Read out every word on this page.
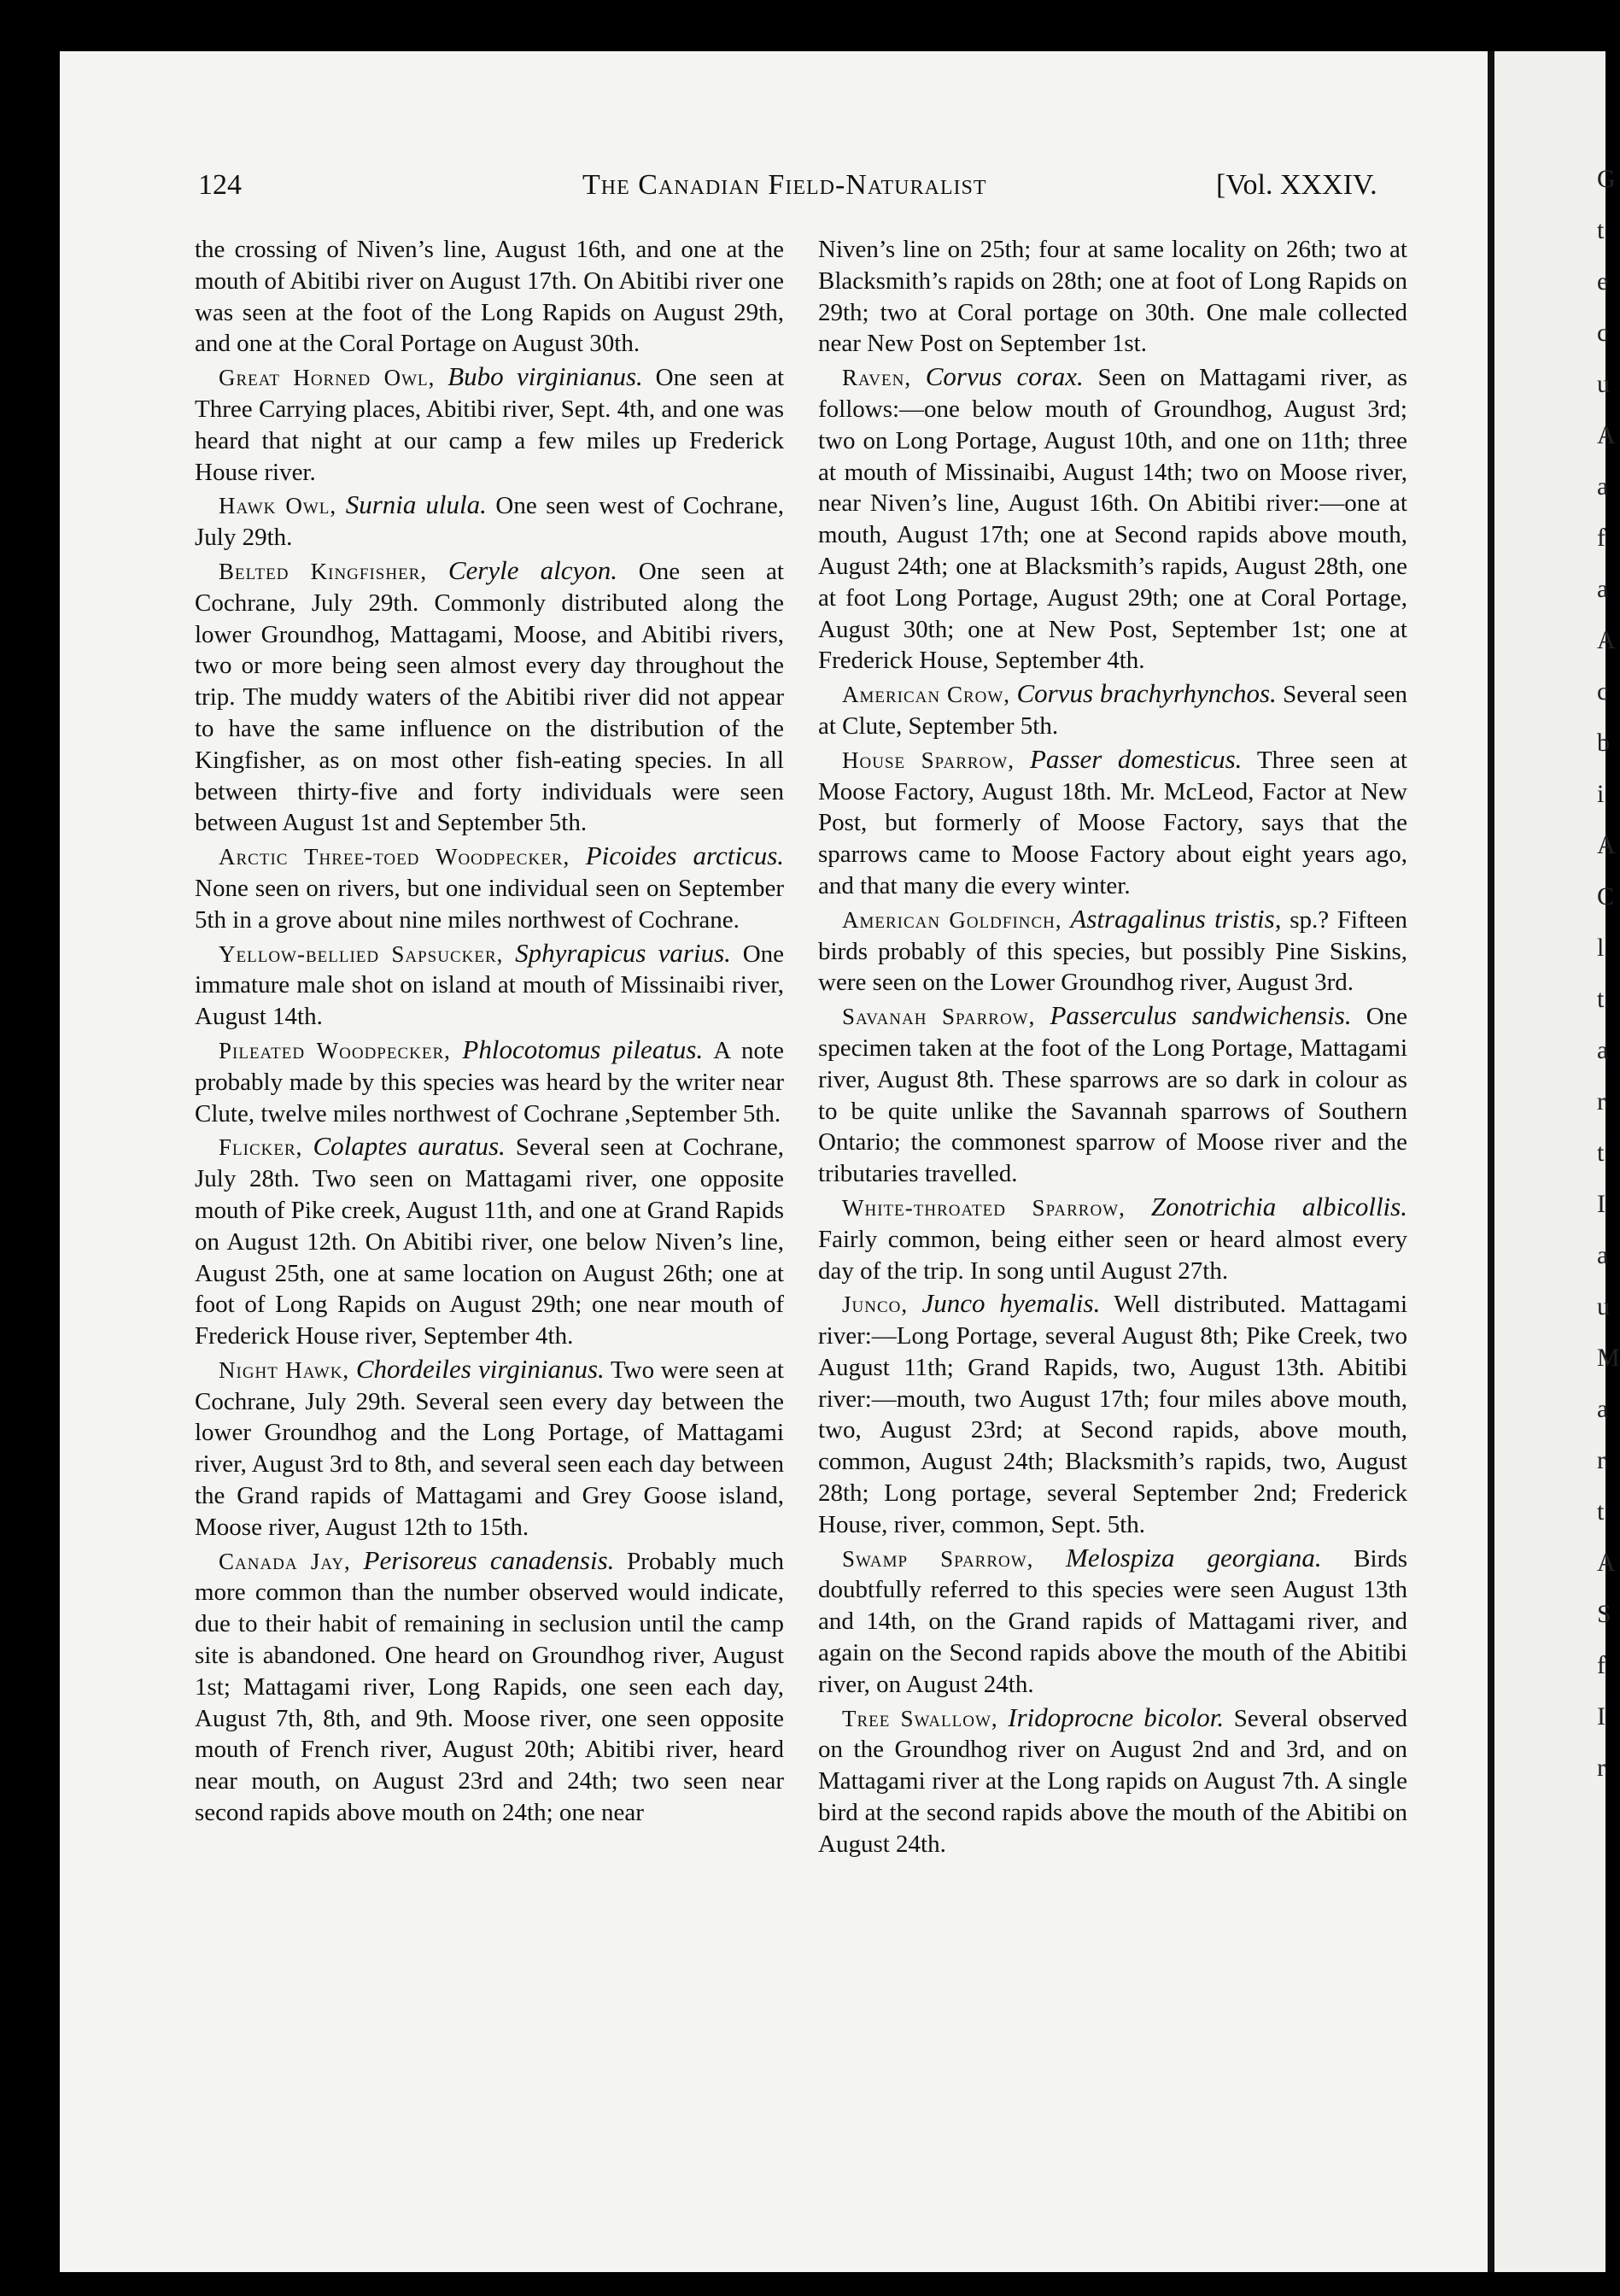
124	The Canadian Field-Naturalist	[Vol. XXXIV.

the crossing of Niven’s line, August 16th, and one at the mouth of Abitibi river on August 17th. On Abitibi river one was seen at the foot of the Long Rapids on August 29th, and one at the Coral Portage on August 30th.

Great Horned Owl, Bubo virginianus. One seen at Three Carrying places, Abitibi river, Sept. 4th, and one was heard that night at our camp a few miles up Frederick House river.

Hawk Owl, Surnia ulula. One seen west of Cochrane, July 29th.

Belted Kingfisher, Ceryle alcyon. One seen at Cochrane, July 29th. Commonly distributed along the lower Groundhog, Mattagami, Moose, and Abitibi rivers, two or more being seen almost every day throughout the trip. The muddy waters of the Abitibi river did not appear to have the same influence on the distribution of the Kingfisher, as on most other fish-eating species. In all between thirty-five and forty individuals were seen between August 1st and September 5th.

Arctic Three-toed Woodpecker, Picoides arcticus. None seen on rivers, but one individual seen on September 5th in a grove about nine miles northwest of Cochrane.

Yellow-bellied Sapsucker, Sphyrapicus varius. One immature male shot on island at mouth of Missinaibi river, August 14th.

Pileated Woodpecker, Phlocotomus pileatus. A note probably made by this species was heard by the writer near Clute, twelve miles northwest of Cochrane ,September 5th.

Flicker, Colaptes auratus. Several seen at Cochrane, July 28th. Two seen on Mattagami river, one opposite mouth of Pike creek, August 11th, and one at Grand Rapids on August 12th. On Abitibi river, one below Niven’s line, August 25th, one at same location on August 26th; one at foot of Long Rapids on August 29th; one near mouth of Frederick House river, September 4th.

Night Hawk, Chordeiles virginianus. Two were seen at Cochrane, July 29th. Several seen every day between the lower Groundhog and the Long Portage, of Mattagami river, August 3rd to 8th, and several seen each day between the Grand rapids of Mattagami and Grey Goose island, Moose river, August 12th to 15th.

Canada Jay, Perisoreus canadensis. Probably much more common than the number observed would indicate, due to their habit of remaining in seclusion until the camp site is abandoned. One heard on Groundhog river, August 1st; Mattagami river, Long Rapids, one seen each day, August 7th, 8th, and 9th. Moose river, one seen opposite mouth of French river, August 20th; Abitibi river, heard near mouth, on August 23rd and 24th; two seen near second rapids above mouth on 24th; one near

Niven’s line on 25th; four at same locality on 26th; two at Blacksmith’s rapids on 28th; one at foot of Long Rapids on 29th; two at Coral portage on 30th. One male collected near New Post on September 1st.

Raven, Corvus corax. Seen on Mattagami river, as follows:—one below mouth of Groundhog, August 3rd; two on Long Portage, August 10th, and one on 11th; three at mouth of Missinaibi, August 14th; two on Moose river, near Niven’s line, August 16th. On Abitibi river:—one at mouth, August 17th; one at Second rapids above mouth, August 24th; one at Blacksmith’s rapids, August 28th, one at foot Long Portage, August 29th; one at Coral Portage, August 30th; one at New Post, September 1st; one at Frederick House, September 4th.

American Crow, Corvus brachyrhynchos. Several seen at Clute, September 5th.

House Sparrow, Passer domesticus. Three seen at Moose Factory, August 18th. Mr. McLeod, Factor at New Post, but formerly of Moose Factory, says that the sparrows came to Moose Factory about eight years ago, and that many die every winter.

American Goldfinch, Astragalinus tristis, sp.? Fifteen birds probably of this species, but possibly Pine Siskins, were seen on the Lower Groundhog river, August 3rd.

Savanah Sparrow, Passerculus sandwichensis. One specimen taken at the foot of the Long Portage, Mattagami river, August 8th. These sparrows are so dark in colour as to be quite unlike the Savannah sparrows of Southern Ontario; the commonest sparrow of Moose river and the tributaries travelled.

White-throated Sparrow, Zonotrichia albicollis. Fairly common, being either seen or heard almost every day of the trip. In song until August 27th.

Junco, Junco hyemalis. Well distributed. Mattagami river:—Long Portage, several August 8th; Pike Creek, two August 11th; Grand Rapids, two, August 13th. Abitibi river:—mouth, two August 17th; four miles above mouth, two, August 23rd; at Second rapids, above mouth, common, August 24th; Blacksmith’s rapids, two, August 28th; Long portage, several September 2nd; Frederick House, river, common, Sept. 5th.

Swamp Sparrow, Melospiza georgiana. Birds doubtfully referred to this species were seen August 13th and 14th, on the Grand rapids of Mattagami river, and again on the Second rapids above the mouth of the Abitibi river, on August 24th.

Tree Swallow, Iridoprocne bicolor. Several observed on the Groundhog river on August 2nd and 3rd, and on Mattagami river at the Long rapids on August 7th. A single bird at the second rapids above the mouth of the Abitibi on August 24th.

G t e c u A a f a A c b i A C l t a r t I a u M a r t A S f I r
